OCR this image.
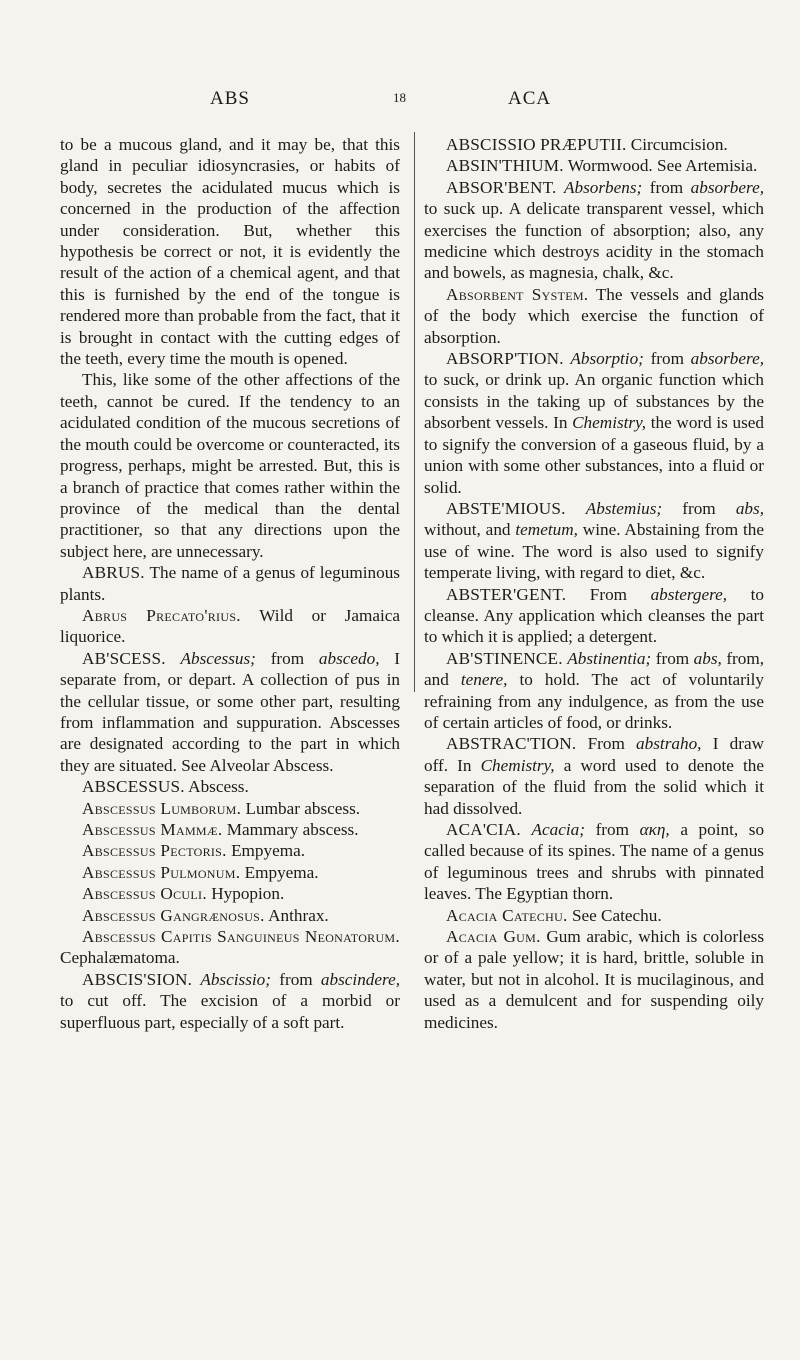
ABS	18	ACA

to be a mucous gland, and it may be, that this gland in peculiar idiosyncrasies, or habits of body, secretes the acidulated mucus which is concerned in the production of the affection under consideration. But, whether this hypothesis be correct or not, it is evidently the result of the action of a chemical agent, and that this is furnished by the end of the tongue is rendered more than probable from the fact, that it is brought in contact with the cutting edges of the teeth, every time the mouth is opened.

This, like some of the other affections of the teeth, cannot be cured. If the tendency to an acidulated condition of the mucous secretions of the mouth could be overcome or counteracted, its progress, perhaps, might be arrested. But, this is a branch of practice that comes rather within the province of the medical than the dental practitioner, so that any directions upon the subject here, are unnecessary.

ABRUS. The name of a genus of leguminous plants.

Abrus Precato'rius. Wild or Jamaica liquorice.

AB'SCESS. Abscessus; from abscedo, I separate from, or depart. A collection of pus in the cellular tissue, or some other part, resulting from inflammation and suppuration. Abscesses are designated according to the part in which they are situated. See Alveolar Abscess.

ABSCESSUS. Abscess.

Abscessus Lumborum. Lumbar abscess.

Abscessus Mammæ. Mammary abscess.

Abscessus Pectoris. Empyema.

Abscessus Pulmonum. Empyema.

Abscessus Oculi. Hypopion.

Abscessus Gangrænosus. Anthrax.

Abscessus Capitis Sanguineus Neonatorum. Cephalæmatoma.

ABSCIS'SION. Abscissio; from abscindere, to cut off. The excision of a morbid or superfluous part, especially of a soft part.

ABSCISSIO PRÆPUTII. Circumcision.

ABSIN'THIUM. Wormwood. See Artemisia.

ABSOR'BENT. Absorbens; from absorbere, to suck up. A delicate transparent vessel, which exercises the function of absorption; also, any medicine which destroys acidity in the stomach and bowels, as magnesia, chalk, &c.

Absorbent System. The vessels and glands of the body which exercise the function of absorption.

ABSORP'TION. Absorptio; from absorbere, to suck, or drink up. An organic function which consists in the taking up of substances by the absorbent vessels. In Chemistry, the word is used to signify the conversion of a gaseous fluid, by a union with some other substances, into a fluid or solid.

ABSTE'MIOUS. Abstemius; from abs, without, and temetum, wine. Abstaining from the use of wine. The word is also used to signify temperate living, with regard to diet, &c.

ABSTER'GENT. From abstergere, to cleanse. Any application which cleanses the part to which it is applied; a detergent.

AB'STINENCE. Abstinentia; from abs, from, and tenere, to hold. The act of voluntarily refraining from any indulgence, as from the use of certain articles of food, or drinks.

ABSTRAC'TION. From abstraho, I draw off. In Chemistry, a word used to denote the separation of the fluid from the solid which it had dissolved.

ACA'CIA. Acacia; from ακη, a point, so called because of its spines. The name of a genus of leguminous trees and shrubs with pinnated leaves. The Egyptian thorn.

Acacia Catechu. See Catechu.

Acacia Gum. Gum arabic, which is colorless or of a pale yellow; it is hard, brittle, soluble in water, but not in alcohol. It is mucilaginous, and used as a demulcent and for suspending oily medicines.
